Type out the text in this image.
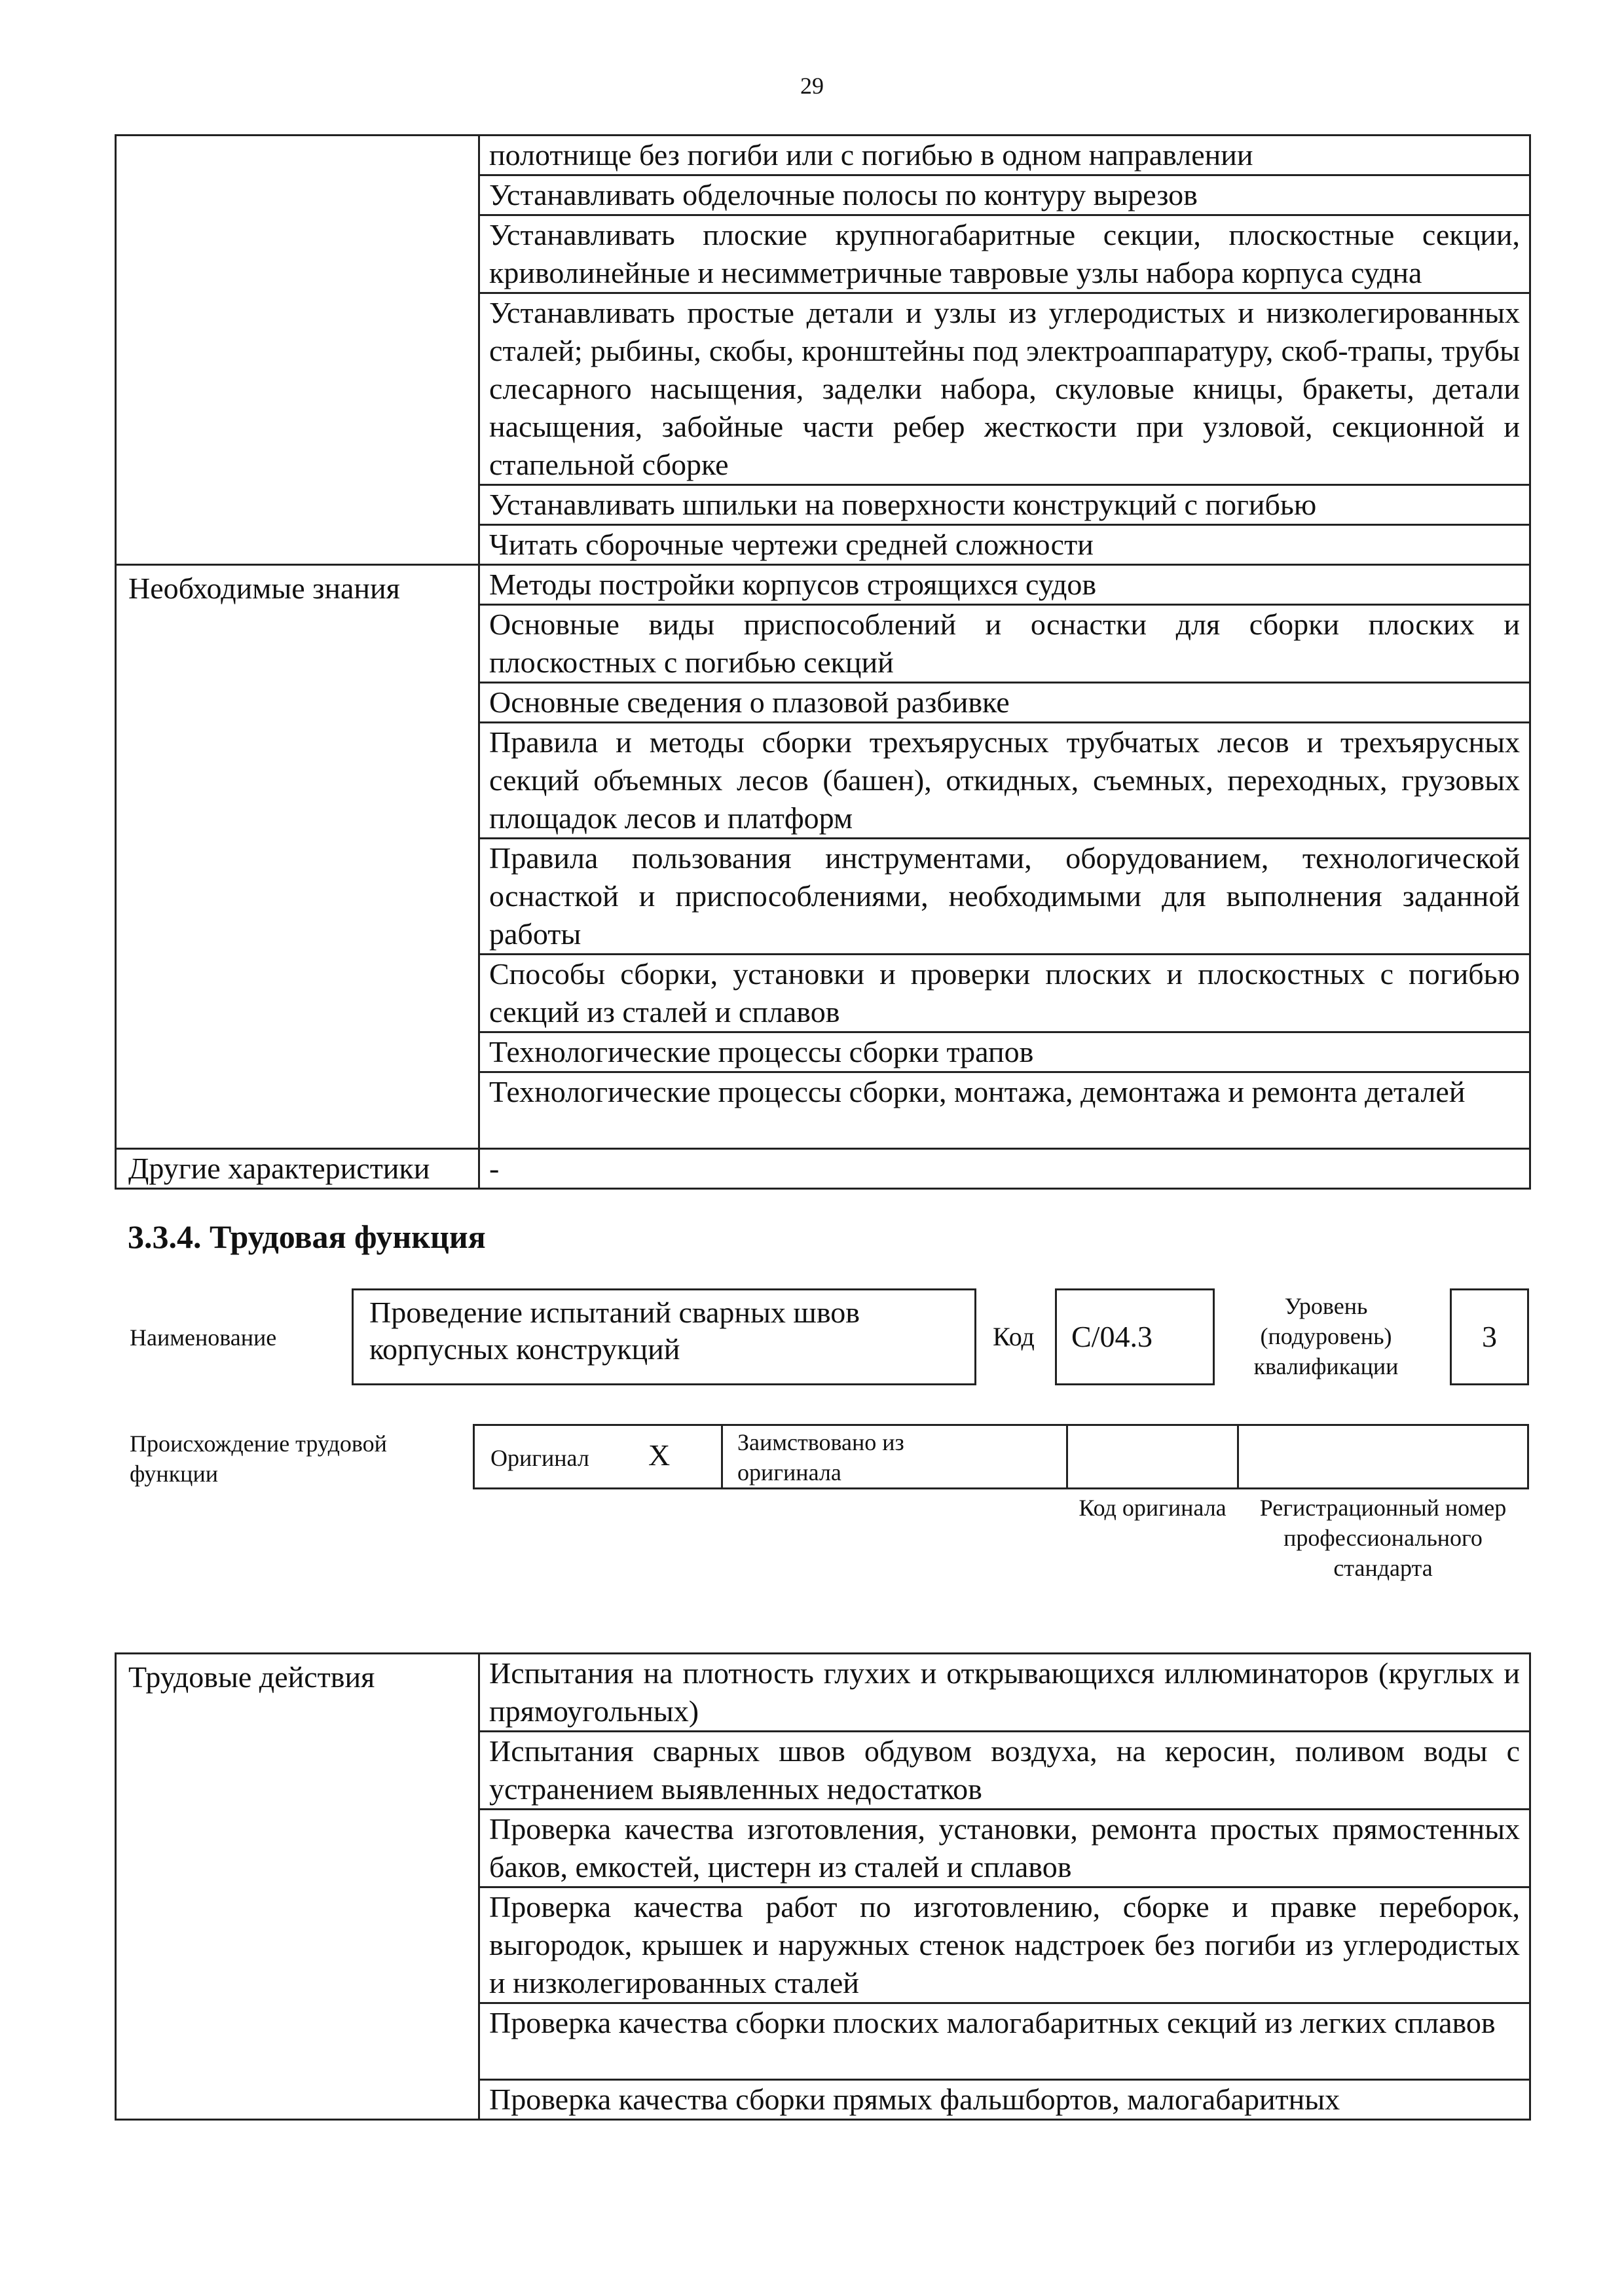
29
	полотнище без погиби или с погибью в одном направлении
	Устанавливать обделочные полосы по контуру вырезов
	Устанавливать плоские крупногабаритные секции, плоскостные секции, криволинейные и несимметричные тавровые узлы набора корпуса судна
	Устанавливать простые детали и узлы из углеродистых и низколегированных сталей; рыбины, скобы, кронштейны под электроаппаратуру, скоб-трапы, трубы слесарного насыщения, заделки набора, скуловые кницы, бракеты, детали насыщения, забойные части ребер жесткости при узловой, секционной и стапельной сборке
	Устанавливать шпильки на поверхности конструкций с погибью
	Читать сборочные чертежи средней сложности
Необходимые знания	Методы постройки корпусов строящихся судов
	Основные виды приспособлений и оснастки для сборки плоских и плоскостных с погибью секций
	Основные сведения о плазовой разбивке
	Правила и методы сборки трехъярусных трубчатых лесов и трехъярусных секций объемных лесов (башен), откидных, съемных, переходных, грузовых площадок лесов и платформ
	Правила пользования инструментами, оборудованием, технологической оснасткой и приспособлениями, необходимыми для выполнения заданной работы
	Способы сборки, установки и проверки плоских и плоскостных с погибью секций из сталей и сплавов
	Технологические процессы сборки трапов
	Технологические процессы сборки, монтажа, демонтажа и ремонта деталей
Другие характеристики	-
3.3.4. Трудовая функция
Наименование
Проведение испытаний сварных швов корпусных конструкций	Код	C/04.3
Уровень (подуровень) квалификации
3
Происхождение трудовой функции
Оригинал X	Заимствовано из оригинала
Код оригинала	Регистрационный номер профессионального стандарта
Трудовые действия	Испытания на плотность глухих и открывающихся иллюминаторов (круглых и прямоугольных)
Испытания сварных швов обдувом воздуха, на керосин, поливом воды с устранением выявленных недостатков
Проверка качества изготовления, установки, ремонта простых прямостенных баков, емкостей, цистерн из сталей и сплавов
Проверка качества работ по изготовлению, сборке и правке переборок, выгородок, крышек и наружных стенок надстроек без погиби из углеродистых и низколегированных сталей
Проверка качества сборки плоских малогабаритных секций из легких сплавов
Проверка качества сборки прямых фальшбортов, малогабаритных
